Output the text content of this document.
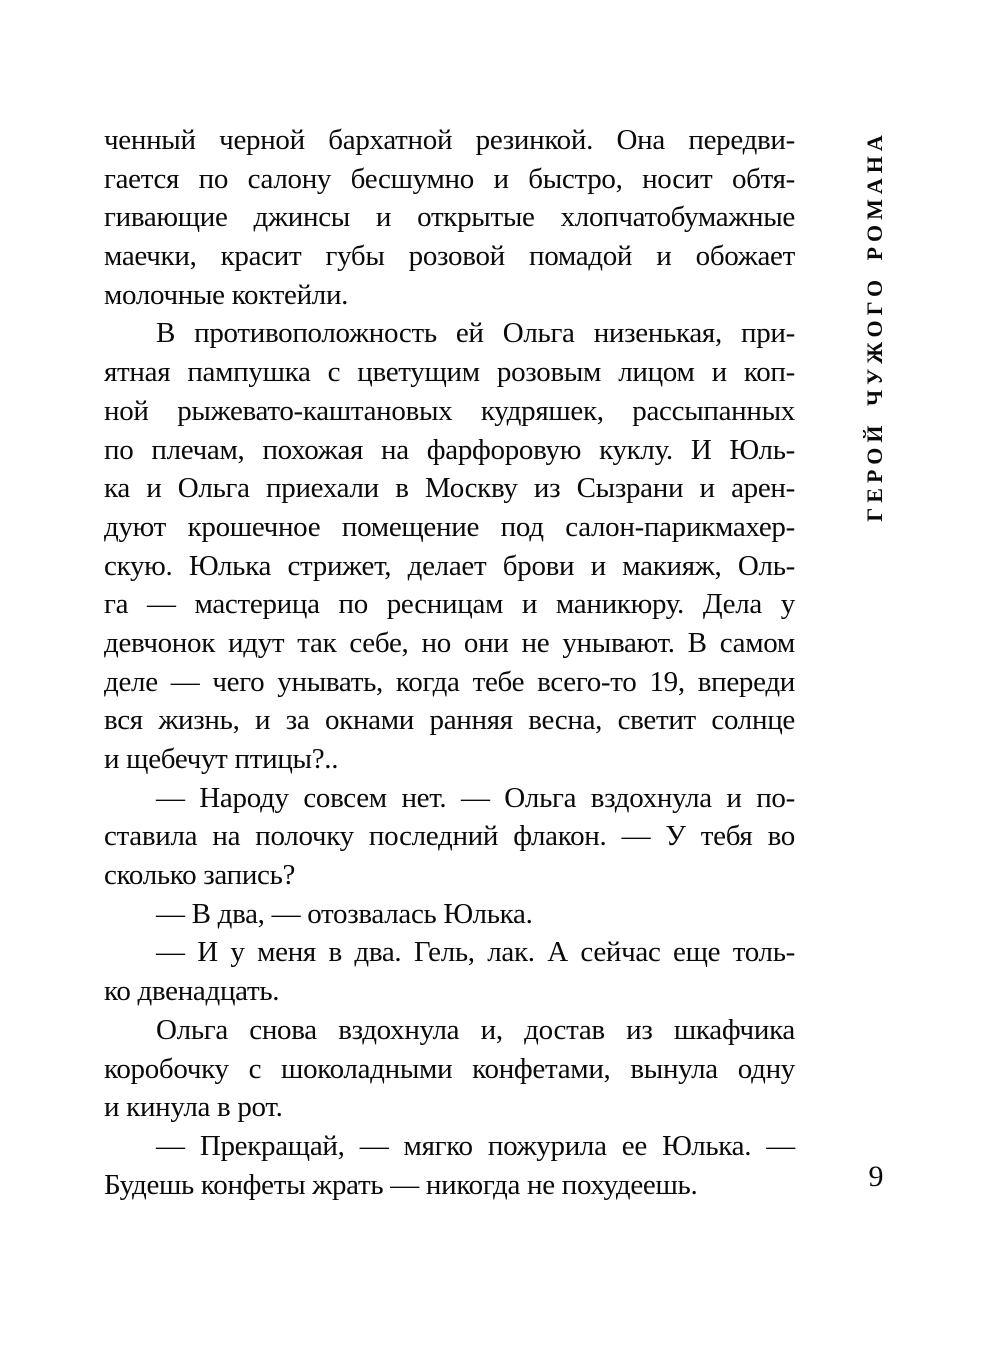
ченный черной бархатной резинкой. Она передви-
гается по салону бесшумно и быстро, носит обтя-
гивающие джинсы и открытые хлопчатобумажные
маечки, красит губы розовой помадой и обожает
молочные коктейли.
В противоположность ей Ольга низенькая, при-
ятная пампушка с цветущим розовым лицом и коп-
ной рыжевато-каштановых кудряшек, рассыпанных
по плечам, похожая на фарфоровую куклу. И Юль-
ка и Ольга приехали в Москву из Сызрани и арен-
дуют крошечное помещение под салон-парикмахер-
скую. Юлька стрижет, делает брови и макияж, Оль-
га — мастерица по ресницам и маникюру. Дела у
девчонок идут так себе, но они не унывают. В самом
деле — чего унывать, когда тебе всего-то 19, впереди
вся жизнь, и за окнами ранняя весна, светит солнце
и щебечут птицы?..
— Народу совсем нет. — Ольга вздохнула и по-
ставила на полочку последний флакон. — У тебя во
сколько запись?
— В два, — отозвалась Юлька.
— И у меня в два. Гель, лак. А сейчас еще толь-
ко двенадцать.
Ольга снова вздохнула и, достав из шкафчика
коробочку с шоколадными конфетами, вынула одну
и кинула в рот.
— Прекращай, — мягко пожурила ее Юлька. —
Будешь конфеты жрать — никогда не похудеешь.
ГЕРОЙ ЧУЖОГО РОМАНА
9
